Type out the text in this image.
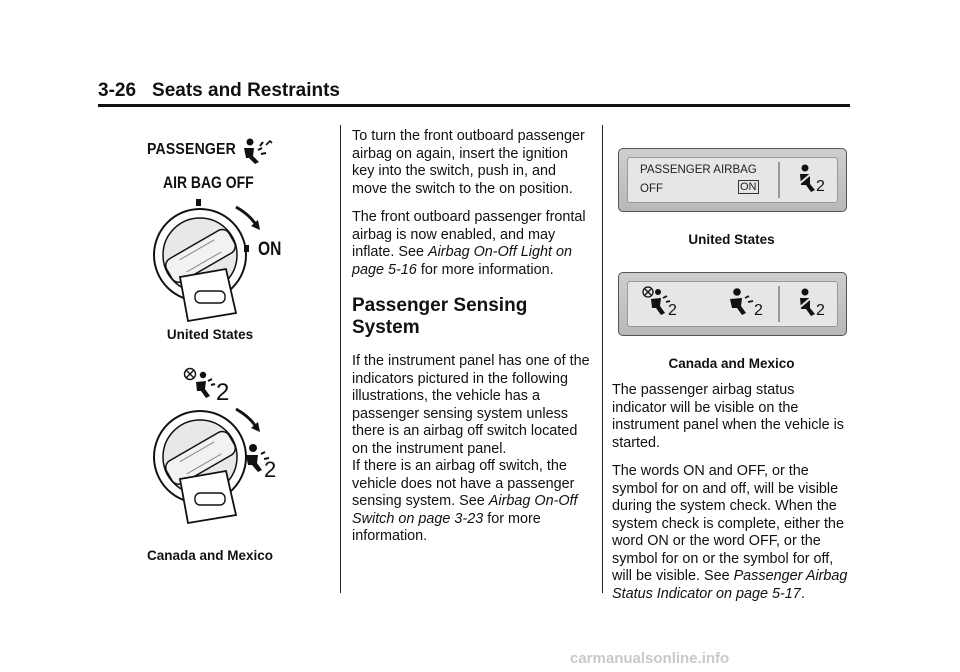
3-26 Seats and Restraints
PASSENGER
AIR BAG OFF
ON
United States
2
2
Canada and Mexico

To turn the front outboard passenger airbag on again, insert the ignition key into the switch, push in, and move the switch to the on position.

The front outboard passenger frontal airbag is now enabled, and may inflate. See Airbag On-Off Light on page 5-16 for more information.

Passenger Sensing System

If the instrument panel has one of the indicators pictured in the following illustrations, the vehicle has a passenger sensing system unless there is an airbag off switch located on the instrument panel.

If there is an airbag off switch, the vehicle does not have a passenger sensing system. See Airbag On-Off Switch on page 3-23 for more information.

PASSENGER AIRBAG
OFF	ON	2
United States
2	2	2
Canada and Mexico

The passenger airbag status indicator will be visible on the instrument panel when the vehicle is started.

The words ON and OFF, or the symbol for on and off, will be visible during the system check. When the system check is complete, either the word ON or the word OFF, or the symbol for on or the symbol for off, will be visible. See Passenger Airbag Status Indicator on page 5-17.

carmanualsonline.info
